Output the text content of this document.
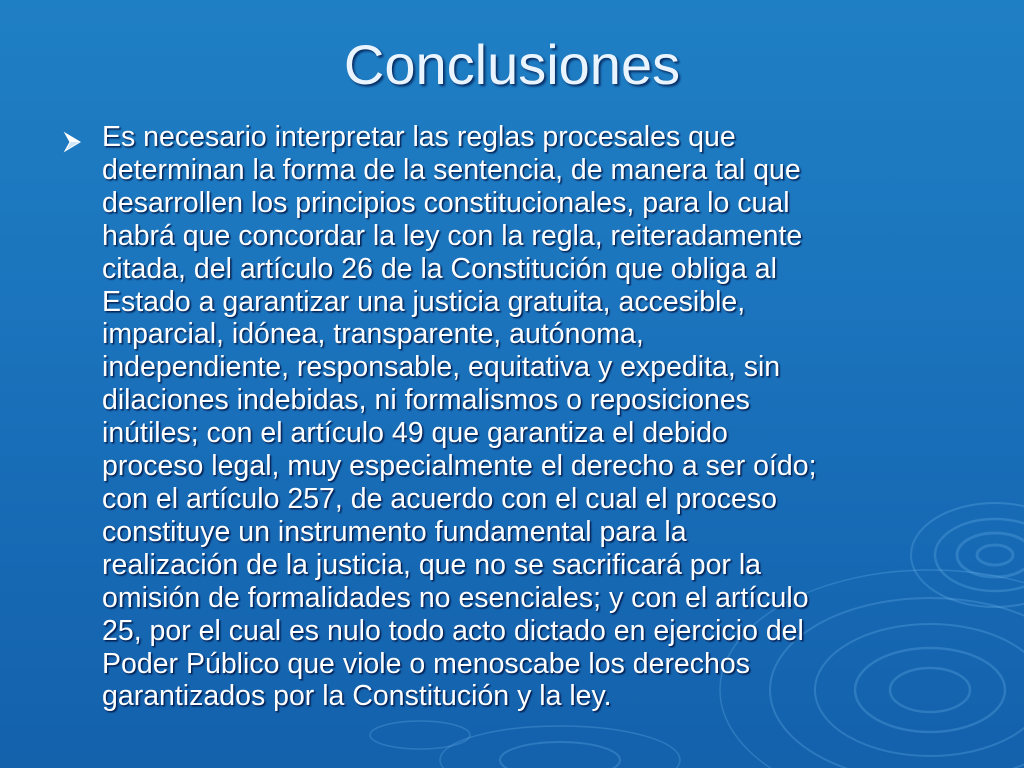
Conclusiones
Es necesario interpretar las reglas procesales que
determinan la forma de la sentencia, de manera tal que
desarrollen los principios constitucionales, para lo cual
habrá que concordar la ley con la regla, reiteradamente
citada, del artículo 26 de la Constitución que obliga al
Estado a garantizar una justicia gratuita, accesible,
imparcial, idónea, transparente, autónoma,
independiente, responsable, equitativa y expedita, sin
dilaciones indebidas, ni formalismos o reposiciones
inútiles; con el artículo 49 que garantiza el debido
proceso legal, muy especialmente el derecho a ser oído;
con el artículo 257, de acuerdo con el cual el proceso
constituye un instrumento fundamental para la
realización de la justicia, que no se sacrificará por la
omisión de formalidades no esenciales; y con el artículo
25, por el cual es nulo todo acto dictado en ejercicio del
Poder Público que viole o menoscabe los derechos
garantizados por la Constitución y la ley.
